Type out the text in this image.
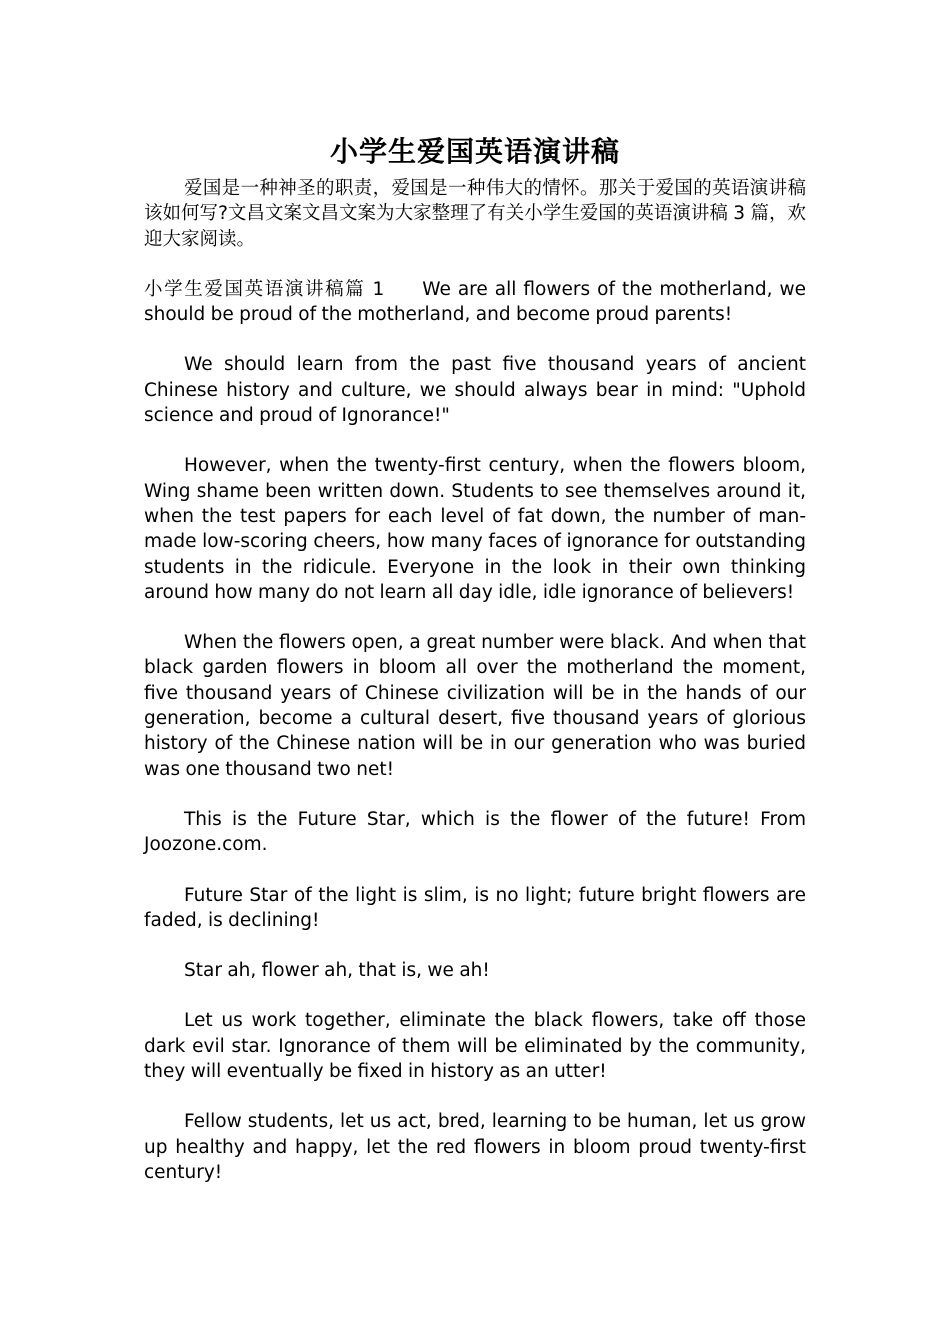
小学生爱国英语演讲稿

爱国是一种神圣的职责，爱国是一种伟大的情怀。那关于爱国的英语演讲稿该如何写?文昌文案文昌文案为大家整理了有关小学生爱国的英语演讲稿 3 篇，欢迎大家阅读。

小学生爱国英语演讲稿篇 1 We are all flowers of the motherland, we should be proud of the motherland, and become proud parents!

We should learn from the past five thousand years of ancient Chinese history and culture, we should always bear in mind: "Uphold science and proud of Ignorance!"

However, when the twenty-first century, when the flowers bloom, Wing shame been written down. Students to see themselves around it, when the test papers for each level of fat down, the number of man-made low-scoring cheers, how many faces of ignorance for outstanding students in the ridicule. Everyone in the look in their own thinking around how many do not learn all day idle, idle ignorance of believers!

When the flowers open, a great number were black. And when that black garden flowers in bloom all over the motherland the moment, five thousand years of Chinese civilization will be in the hands of our generation, become a cultural desert, five thousand years of glorious history of the Chinese nation will be in our generation who was buried was one thousand two net!

This is the Future Star, which is the flower of the future! From Joozone.com.

Future Star of the light is slim, is no light; future bright flowers are faded, is declining!

Star ah, flower ah, that is, we ah!

Let us work together, eliminate the black flowers, take off those dark evil star. Ignorance of them will be eliminated by the community, they will eventually be fixed in history as an utter!

Fellow students, let us act, bred, learning to be human, let us grow up healthy and happy, let the red flowers in bloom proud twenty-first century!
